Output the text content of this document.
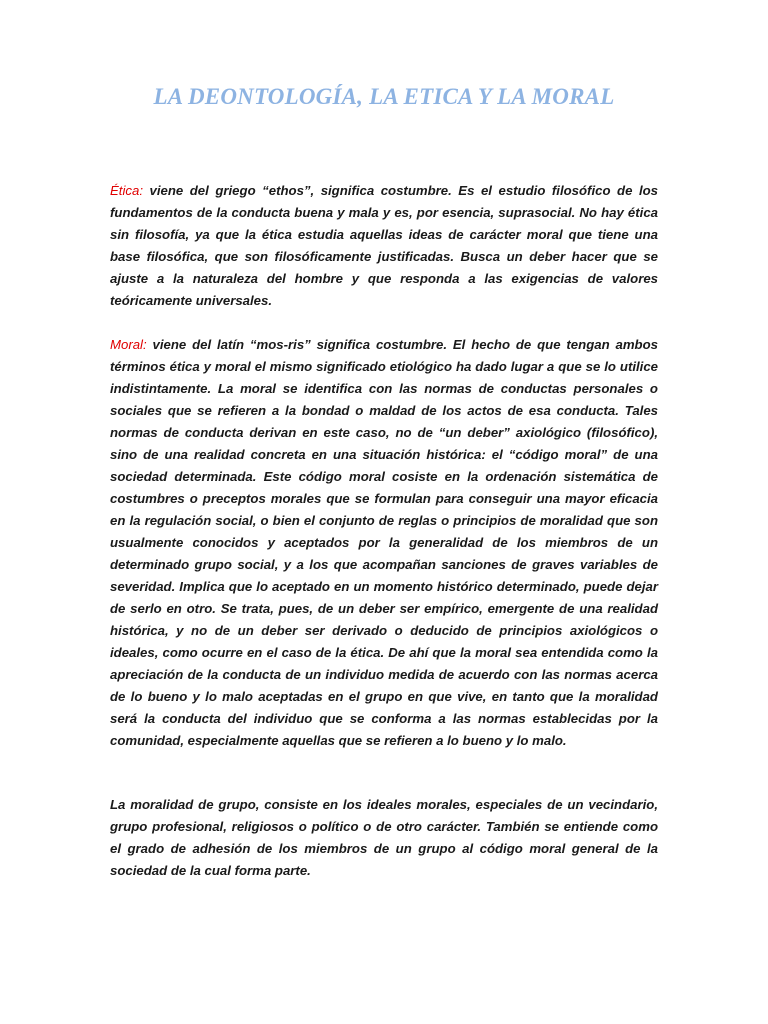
LA DEONTOLOGÍA, LA ETICA Y LA MORAL

Ética: viene del griego “ethos”, significa costumbre. Es el estudio filosófico de los fundamentos de la conducta buena y mala y es, por esencia, suprasocial. No hay ética sin filosofía, ya que la ética estudia aquellas ideas de carácter moral que tiene una base filosófica, que son filosóficamente justificadas. Busca un deber hacer que se ajuste a la naturaleza del hombre y que responda a las exigencias de valores teóricamente universales.

Moral: viene del latín “mos-ris” significa costumbre. El hecho de que tengan ambos términos ética y moral el mismo significado etiológico ha dado lugar a que se lo utilice indistintamente. La moral se identifica con las normas de conductas personales o sociales que se refieren a la bondad o maldad de los actos de esa conducta. Tales normas de conducta derivan en este caso, no de “un deber” axiológico (filosófico), sino de una realidad concreta en una situación histórica: el “código moral” de una sociedad determinada. Este código moral cosiste en la ordenación sistemática de costumbres o preceptos morales que se formulan para conseguir una mayor eficacia en la regulación social, o bien el conjunto de reglas o principios de moralidad que son usualmente conocidos y aceptados por la generalidad de los miembros de un determinado grupo social, y a los que acompañan sanciones de graves variables de severidad. Implica que lo aceptado en un momento histórico determinado, puede dejar de serlo en otro. Se trata, pues, de un deber ser empírico, emergente de una realidad histórica, y no de un deber ser derivado o deducido de principios axiológicos o ideales, como ocurre en el caso de la ética. De ahí que la moral sea entendida como la apreciación de la conducta de un individuo medida de acuerdo con las normas acerca de lo bueno y lo malo aceptadas en el grupo en que vive, en tanto que la moralidad será la conducta del individuo que se conforma a las normas establecidas por la comunidad, especialmente aquellas que se refieren a lo bueno y lo malo.

La moralidad de grupo, consiste en los ideales morales, especiales de un vecindario, grupo profesional, religiosos o político o de otro carácter. También se entiende como el grado de adhesión de los miembros de un grupo al código moral general de la sociedad de la cual forma parte.
